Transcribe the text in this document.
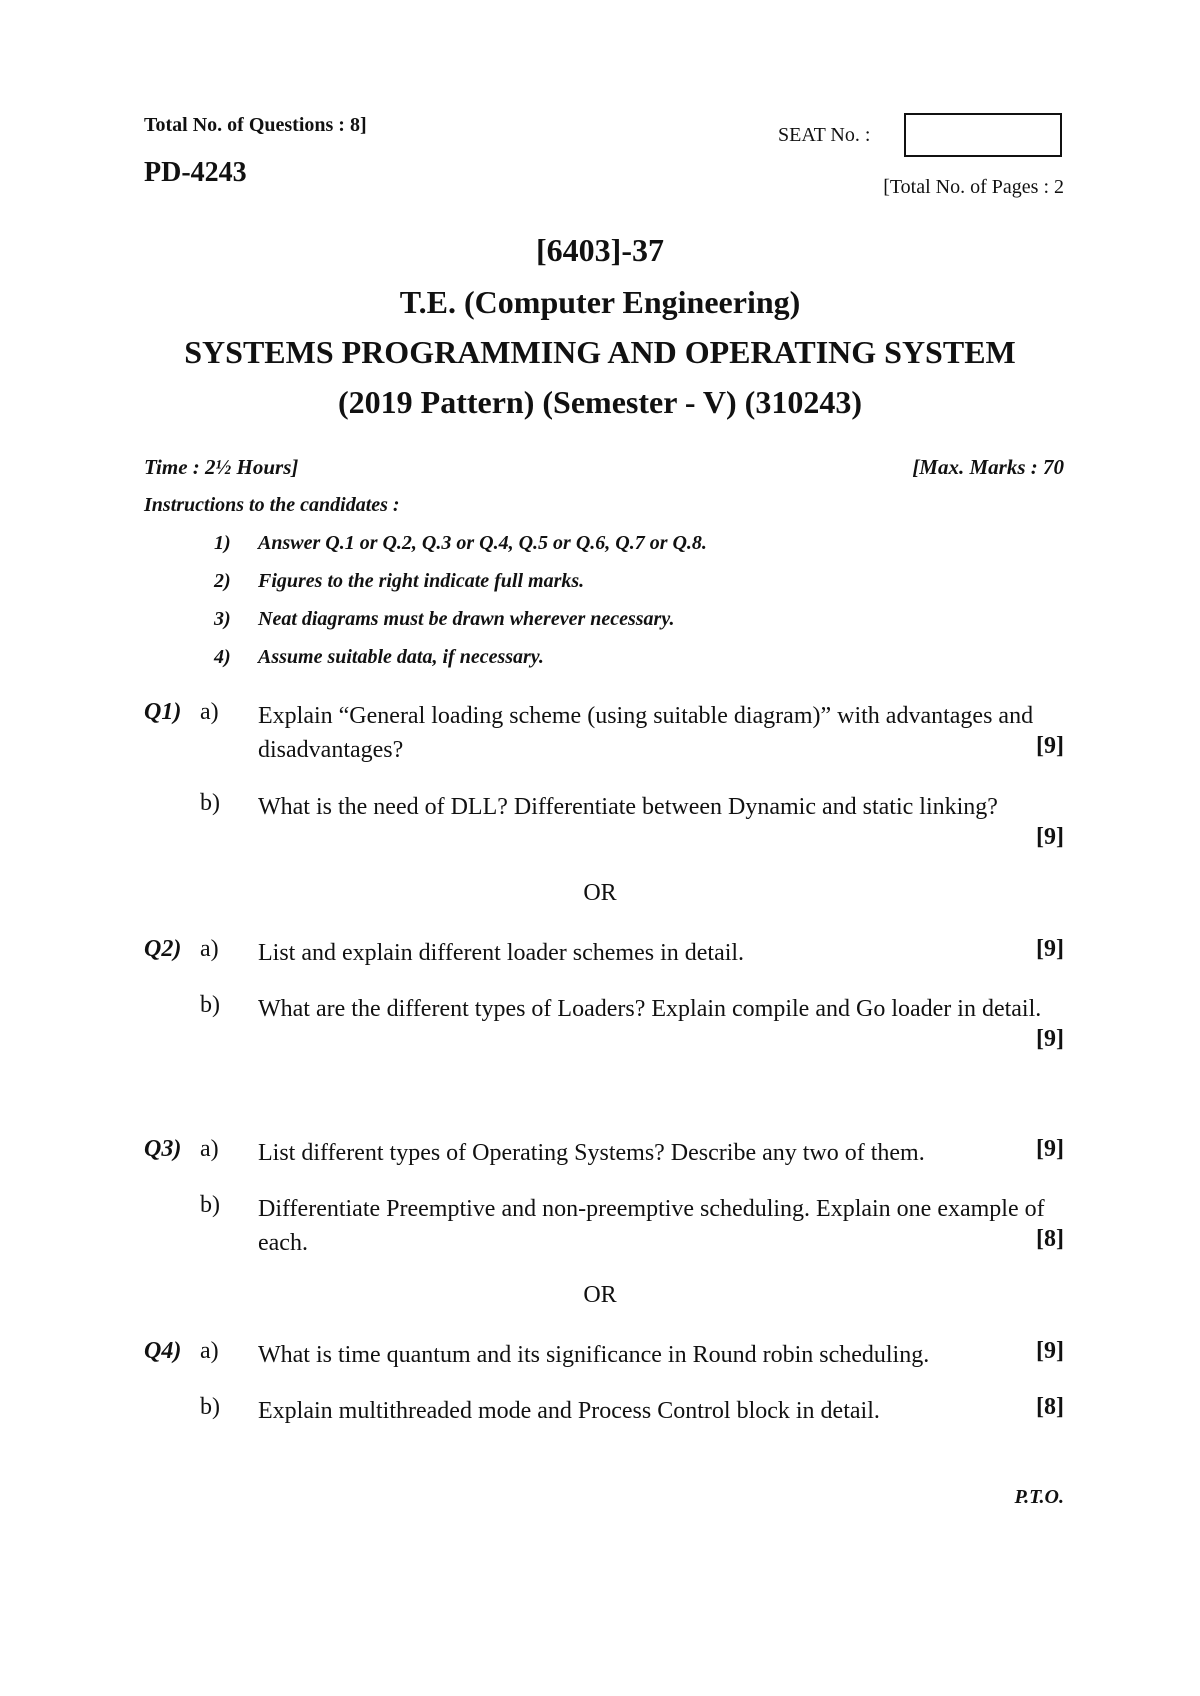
Total No. of Questions : 8]
PD-4243
SEAT No. :
[Total No. of Pages : 2
[6403]-37
T.E. (Computer Engineering)
SYSTEMS PROGRAMMING AND OPERATING SYSTEM
(2019 Pattern) (Semester - V) (310243)
Time : 2½ Hours]	[Max. Marks : 70
Instructions to the candidates :
1) Answer Q.1 or Q.2, Q.3 or Q.4, Q.5 or Q.6, Q.7 or Q.8.
2) Figures to the right indicate full marks.
3) Neat diagrams must be drawn wherever necessary.
4) Assume suitable data, if necessary.
Q1) a) Explain “General loading scheme (using suitable diagram)” with advantages and disadvantages?	[9]
b) What is the need of DLL? Differentiate between Dynamic and static linking?
[9]
OR
Q2) a) List and explain different loader schemes in detail.	[9]
b) What are the different types of Loaders? Explain compile and Go loader in detail.
[9]
Q3) a) List different types of Operating Systems? Describe any two of them.	[9]
b) Differentiate Preemptive and non-preemptive scheduling. Explain one example of each.	[8]
OR
Q4) a) What is time quantum and its significance in Round robin scheduling.	[9]
b) Explain multithreaded mode and Process Control block in detail.	[8]
P.T.O.
